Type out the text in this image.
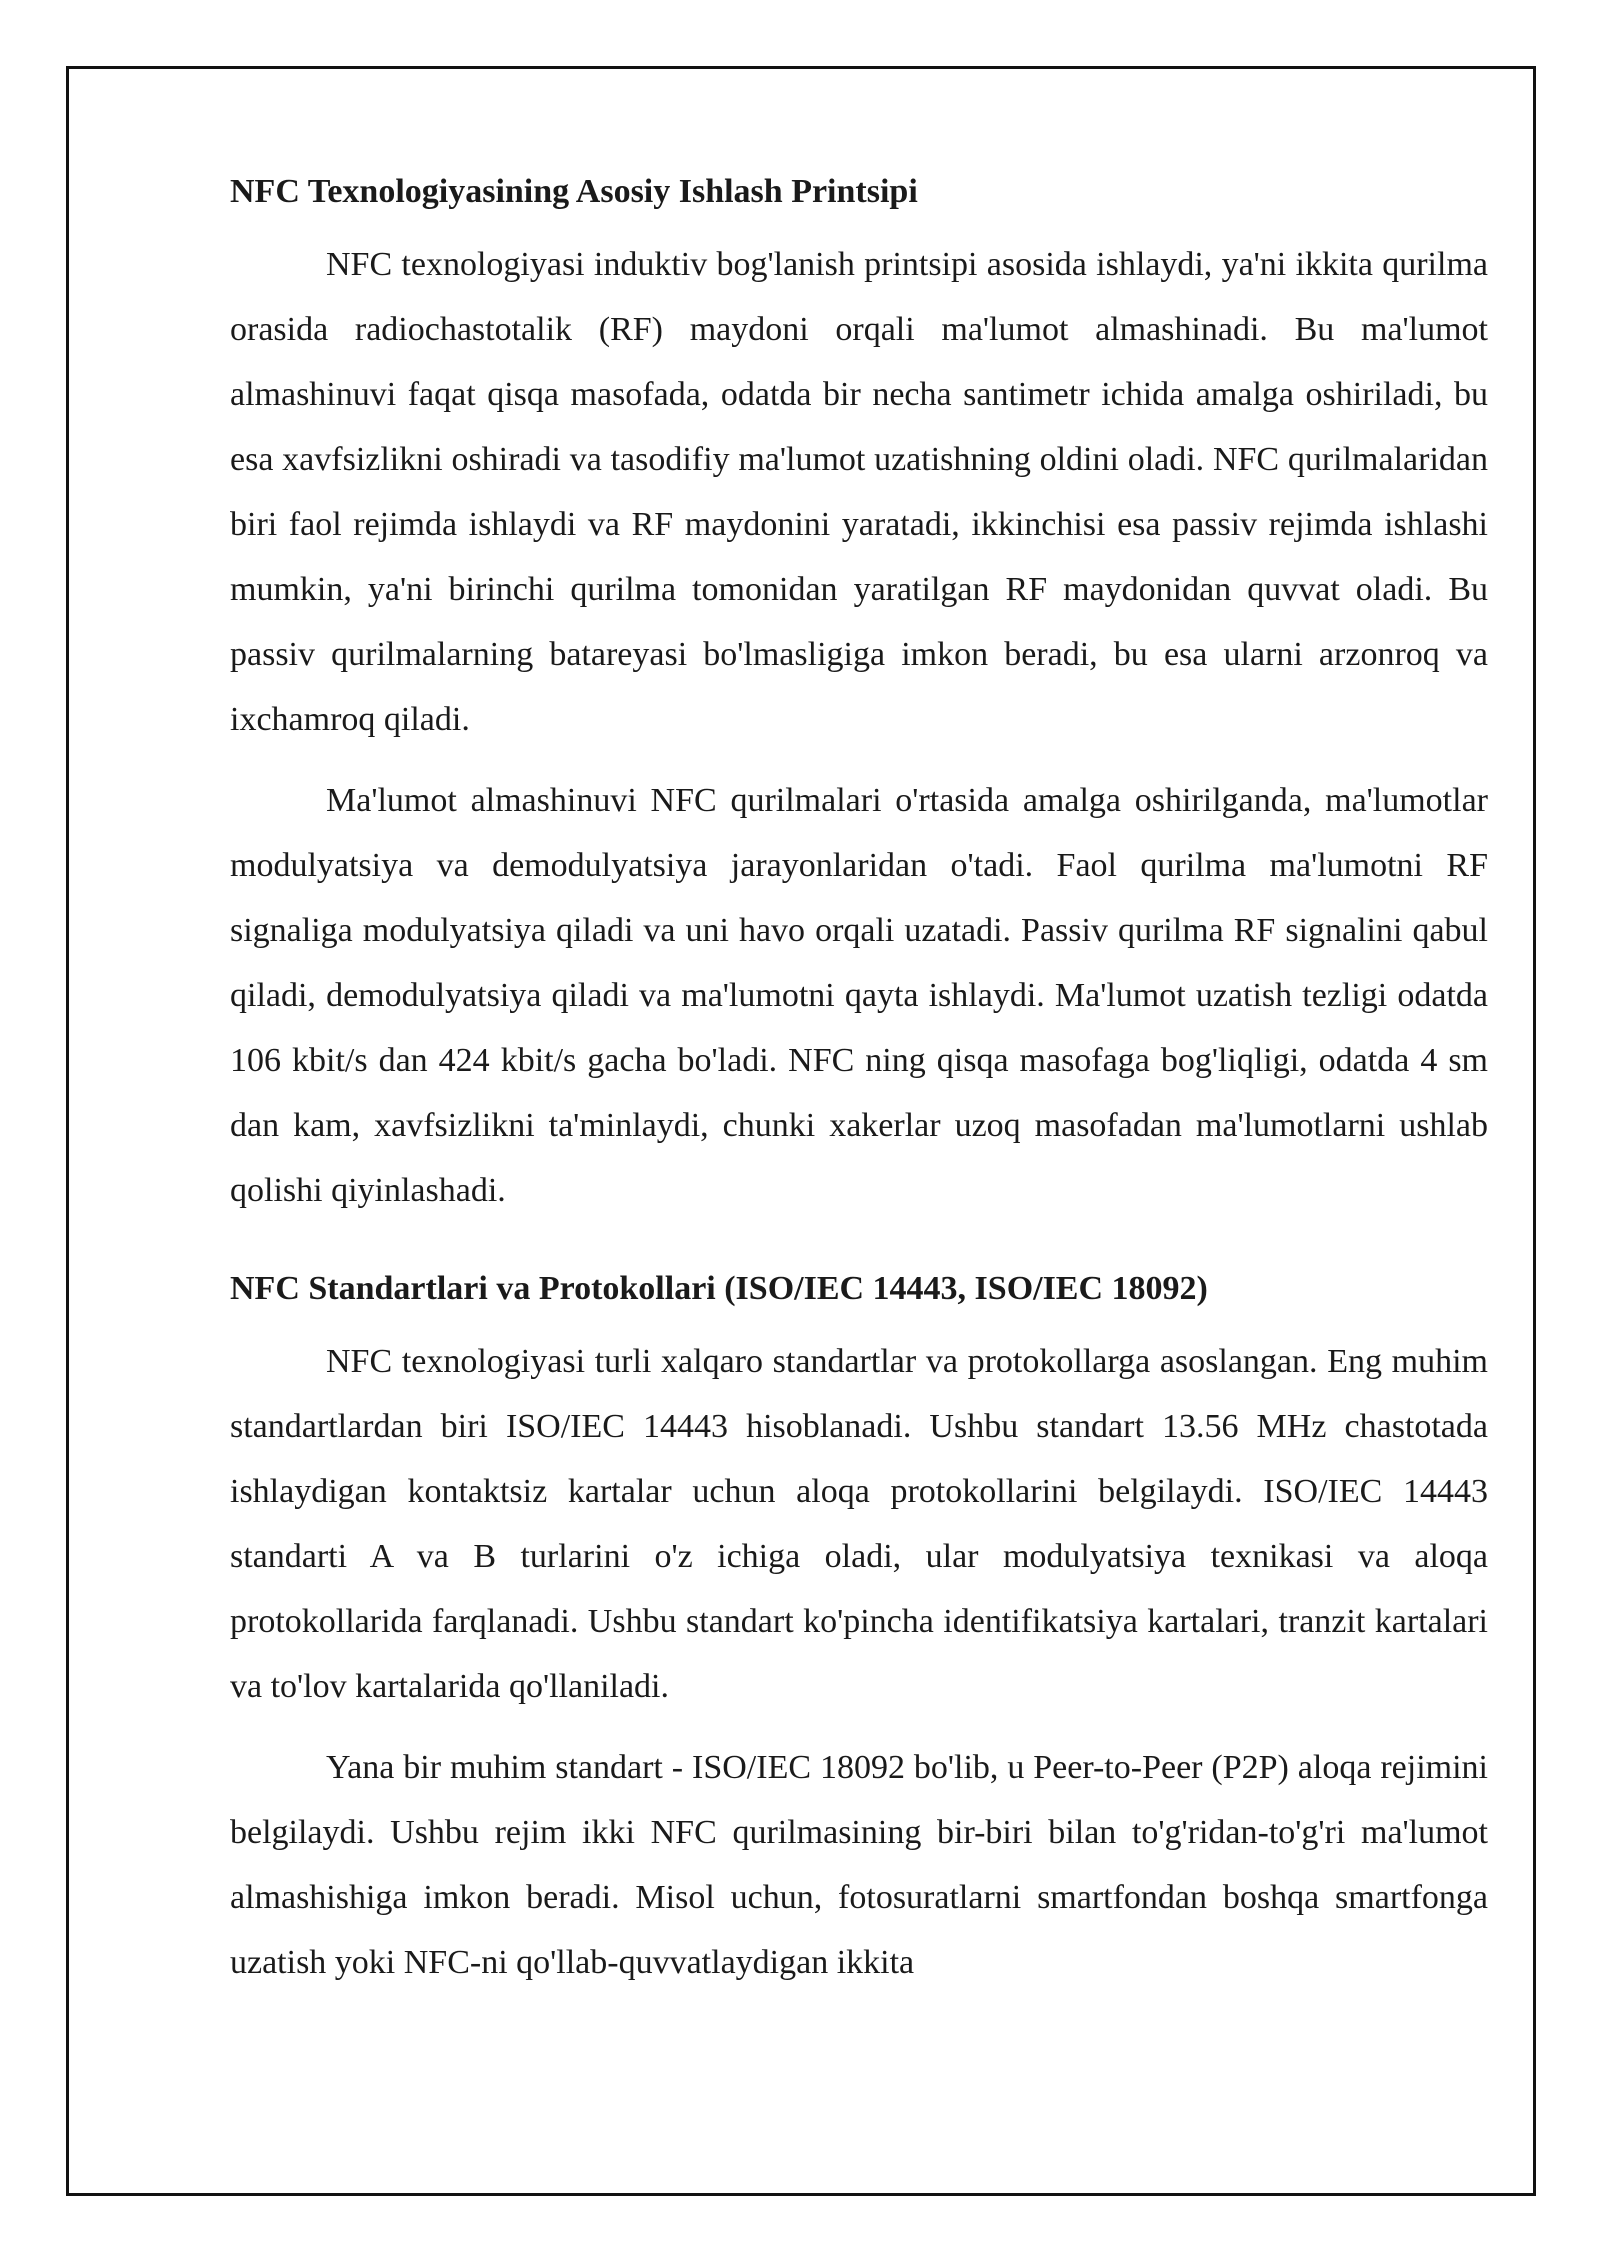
NFC Texnologiyasining Asosiy Ishlash Printsipi

NFC texnologiyasi induktiv bog'lanish printsipi asosida ishlaydi, ya'ni ikkita qurilma orasida radiochastotalik (RF) maydoni orqali ma'lumot almashinadi. Bu ma'lumot almashinuvi faqat qisqa masofada, odatda bir necha santimetr ichida amalga oshiriladi, bu esa xavfsizlikni oshiradi va tasodifiy ma'lumot uzatishning oldini oladi. NFC qurilmalaridan biri faol rejimda ishlaydi va RF maydonini yaratadi, ikkinchisi esa passiv rejimda ishlashi mumkin, ya'ni birinchi qurilma tomonidan yaratilgan RF maydonidan quvvat oladi. Bu passiv qurilmalarning batareyasi bo'lmasligiga imkon beradi, bu esa ularni arzonroq va ixchamroq qiladi.

Ma'lumot almashinuvi NFC qurilmalari o'rtasida amalga oshirilganda, ma'lumotlar modulyatsiya va demodulyatsiya jarayonlaridan o'tadi. Faol qurilma ma'lumotni RF signaliga modulyatsiya qiladi va uni havo orqali uzatadi. Passiv qurilma RF signalini qabul qiladi, demodulyatsiya qiladi va ma'lumotni qayta ishlaydi. Ma'lumot uzatish tezligi odatda 106 kbit/s dan 424 kbit/s gacha bo'ladi. NFC ning qisqa masofaga bog'liqligi, odatda 4 sm dan kam, xavfsizlikni ta'minlaydi, chunki xakerlar uzoq masofadan ma'lumotlarni ushlab qolishi qiyinlashadi.

NFC Standartlari va Protokollari (ISO/IEC 14443, ISO/IEC 18092)

NFC texnologiyasi turli xalqaro standartlar va protokollarga asoslangan. Eng muhim standartlardan biri ISO/IEC 14443 hisoblanadi. Ushbu standart 13.56 MHz chastotada ishlaydigan kontaktsiz kartalar uchun aloqa protokollarini belgilaydi. ISO/IEC 14443 standarti A va B turlarini o'z ichiga oladi, ular modulyatsiya texnikasi va aloqa protokollarida farqlanadi. Ushbu standart ko'pincha identifikatsiya kartalari, tranzit kartalari va to'lov kartalarida qo'llaniladi.

Yana bir muhim standart - ISO/IEC 18092 bo'lib, u Peer-to-Peer (P2P) aloqa rejimini belgilaydi. Ushbu rejim ikki NFC qurilmasining bir-biri bilan to'g'ridan-to'g'ri ma'lumot almashishiga imkon beradi. Misol uchun, fotosuratlarni smartfondan boshqa smartfonga uzatish yoki NFC-ni qo'llab-quvvatlaydigan ikkita
